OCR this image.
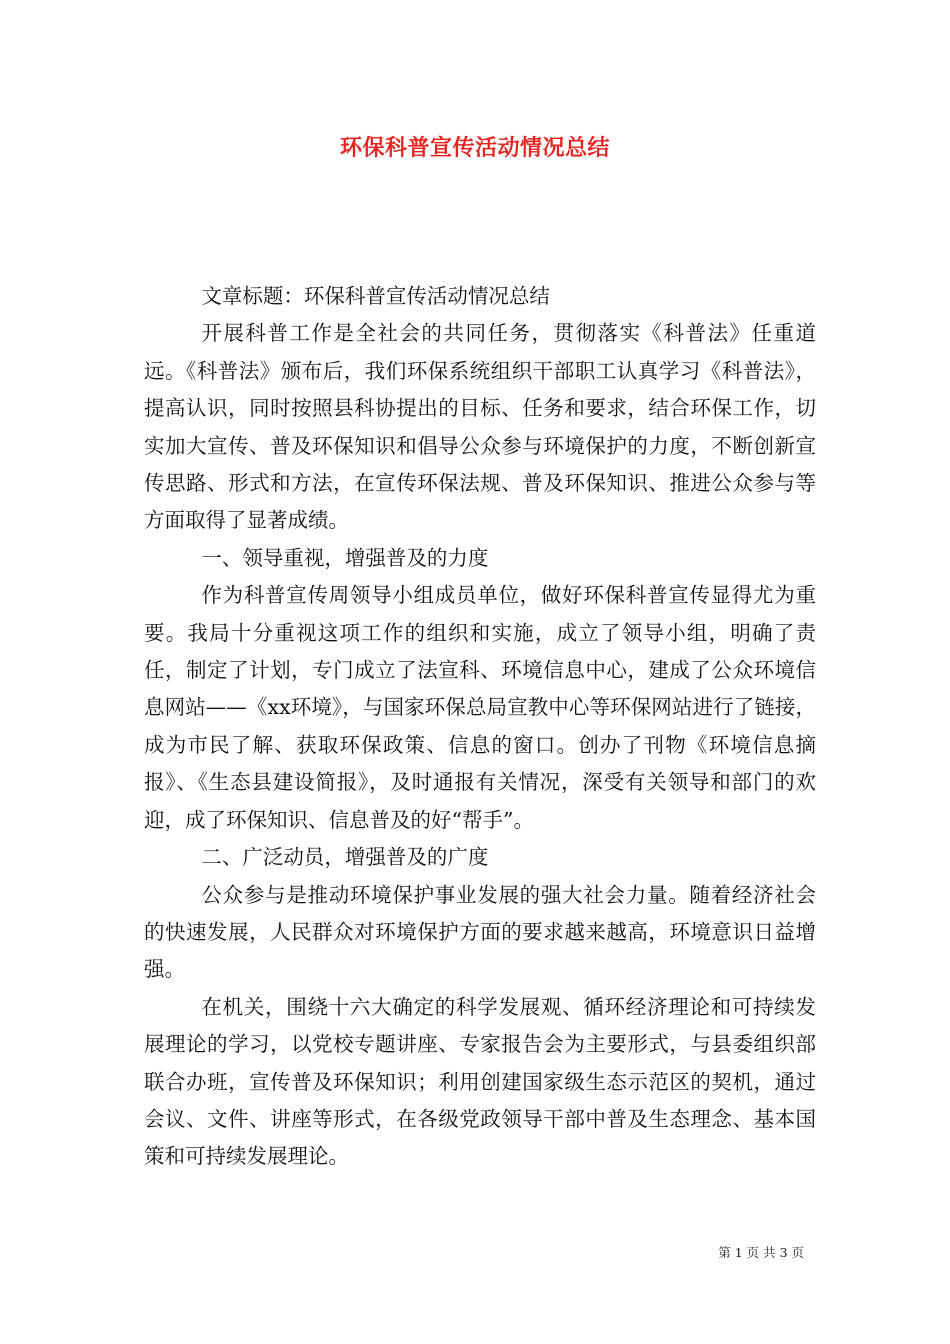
环保科普宣传活动情况总结

文章标题：环保科普宣传活动情况总结

开展科普工作是全社会的共同任务，贯彻落实《科普法》任重道远。《科普法》颁布后，我们环保系统组织干部职工认真学习《科普法》，提高认识，同时按照县科协提出的目标、任务和要求，结合环保工作，切实加大宣传、普及环保知识和倡导公众参与环境保护的力度，不断创新宣传思路、形式和方法，在宣传环保法规、普及环保知识、推进公众参与等方面取得了显著成绩。

一、领导重视，增强普及的力度

作为科普宣传周领导小组成员单位，做好环保科普宣传显得尤为重要。我局十分重视这项工作的组织和实施，成立了领导小组，明确了责任，制定了计划，专门成立了法宣科、环境信息中心，建成了公众环境信息网站——《xx环境》，与国家环保总局宣教中心等环保网站进行了链接，成为市民了解、获取环保政策、信息的窗口。创办了刊物《环境信息摘报》、《生态县建设简报》，及时通报有关情况，深受有关领导和部门的欢迎，成了环保知识、信息普及的好“帮手”。

二、广泛动员，增强普及的广度

公众参与是推动环境保护事业发展的强大社会力量。随着经济社会的快速发展，人民群众对环境保护方面的要求越来越高，环境意识日益增强。

在机关，围绕十六大确定的科学发展观、循环经济理论和可持续发展理论的学习，以党校专题讲座、专家报告会为主要形式，与县委组织部联合办班，宣传普及环保知识；利用创建国家级生态示范区的契机，通过会议、文件、讲座等形式，在各级党政领导干部中普及生态理念、基本国策和可持续发展理论。

第 1 页 共 3 页
